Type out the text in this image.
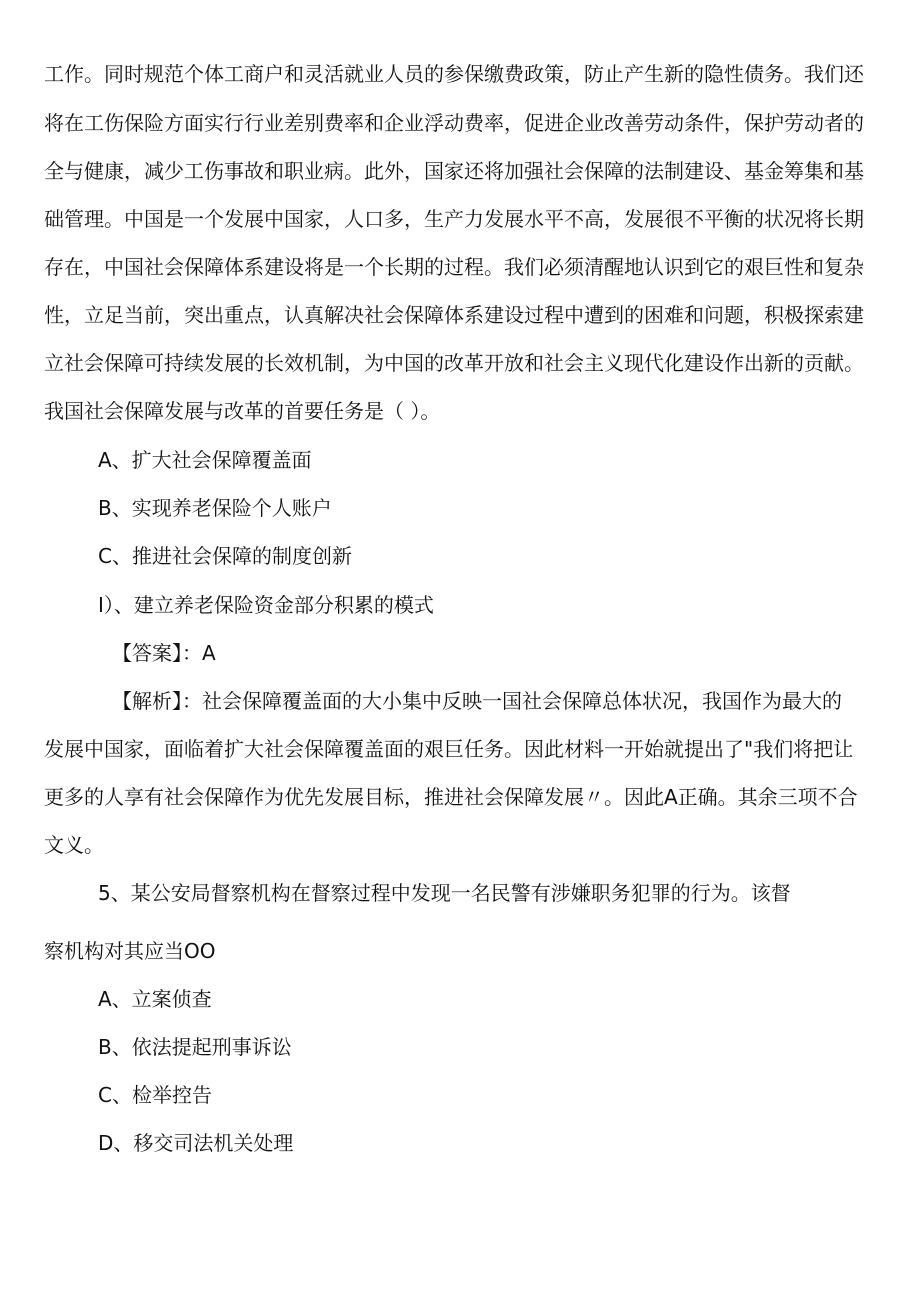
工作。同时规范个体工商户和灵活就业人员的参保缴费政策，防止产生新的隐性债务。我们还
将在工伤保险方面实行行业差别费率和企业浮动费率，促进企业改善劳动条件，保护劳动者的
全与健康，减少工伤事故和职业病。此外，国家还将加强社会保障的法制建设、基金筹集和基
础管理。中国是一个发展中国家，人口多，生产力发展水平不高，发展很不平衡的状况将长期
存在，中国社会保障体系建设将是一个长期的过程。我们必须清醒地认识到它的艰巨性和复杂
性，立足当前，突出重点，认真解决社会保障体系建设过程中遭到的困难和问题，积极探索建
立社会保障可持续发展的长效机制，为中国的改革开放和社会主义现代化建设作出新的贡献。
我国社会保障发展与改革的首要任务是（ ）。
A、扩大社会保障覆盖面
B、实现养老保险个人账户
C、推进社会保障的制度创新
I）、建立养老保险资金部分积累的模式
【答案】：A
【解析】：社会保障覆盖面的大小集中反映一国社会保障总体状况，我国作为最大的
发展中国家，面临着扩大社会保障覆盖面的艰巨任务。因此材料一开始就提出了"我们将把让
更多的人享有社会保障作为优先发展目标，推进社会保障发展〃。因此A正确。其余三项不合
文义。
5、某公安局督察机构在督察过程中发现一名民警有涉嫌职务犯罪的行为。该督
察机构对其应当OO
A、立案侦查
B、依法提起刑事诉讼
C、检举控告
D、移交司法机关处理
